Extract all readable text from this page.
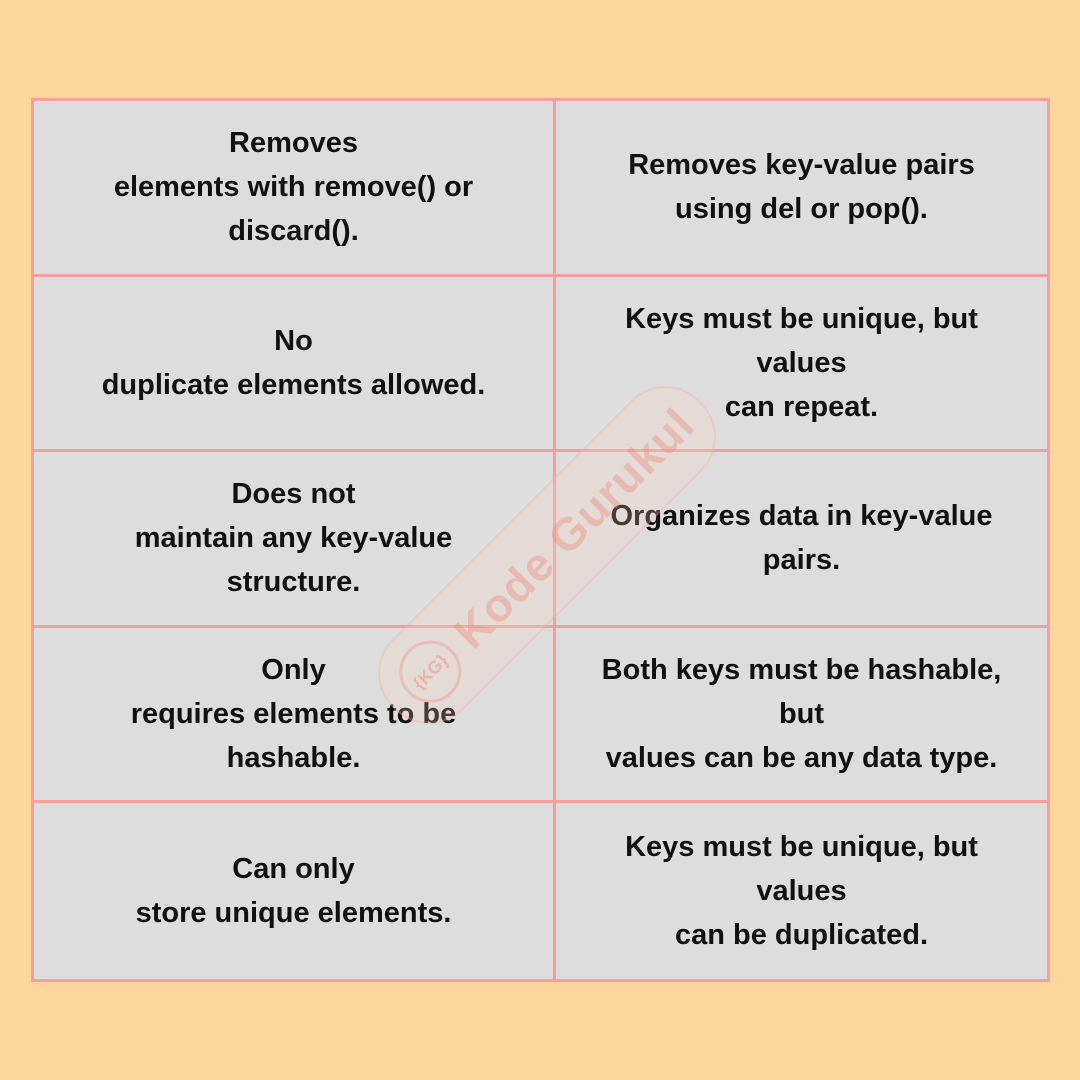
Removes
elements with remove() or
discard().
Removes key-value pairs
using del or pop().
No
duplicate elements allowed.
Keys must be unique, but
values
can repeat.
Does not
maintain any key-value
structure.
Organizes data in key-value
pairs.
Only
requires elements to be
hashable.
Both keys must be hashable,
but
values can be any data type.
Can only
store unique elements.
Keys must be unique, but
values
can be duplicated.
{KG}
Kode Gurukul
